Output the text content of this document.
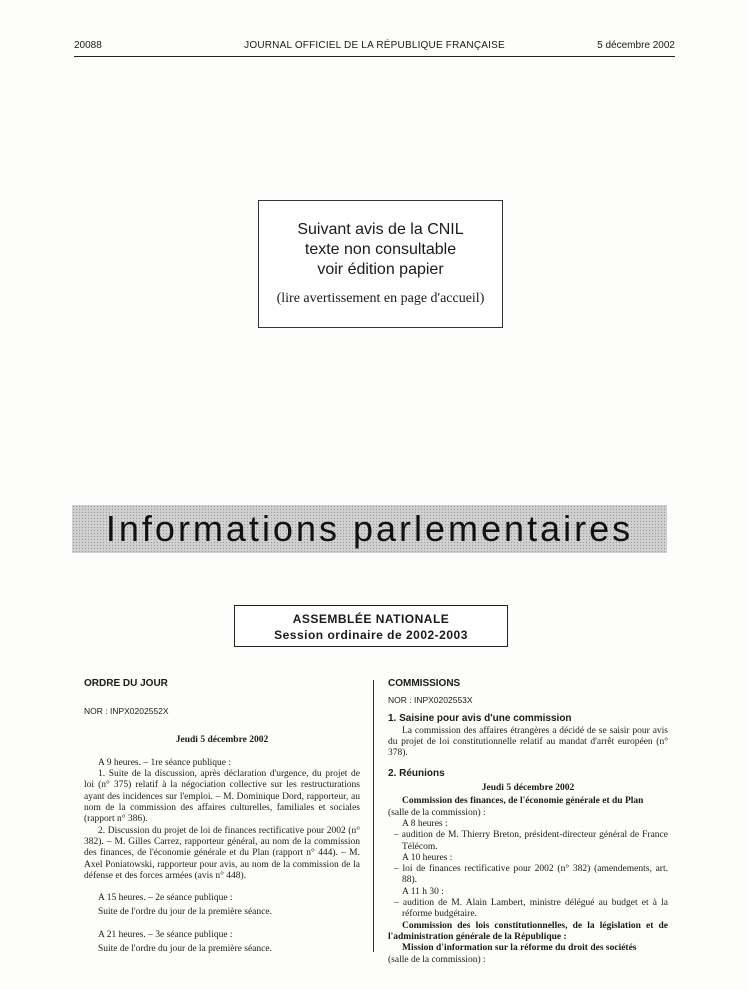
20088	JOURNAL OFFICIEL DE LA RÉPUBLIQUE FRANÇAISE	5 décembre 2002
Suivant avis de la CNIL
texte non consultable
voir édition papier
(lire avertissement en page d'accueil)
Informations parlementaires
ASSEMBLÉE NATIONALE
Session ordinaire de 2002-2003

ORDRE DU JOUR

NOR : INPX0202552X

Jeudi 5 décembre 2002

A 9 heures. – 1re séance publique :

1. Suite de la discussion, après déclaration d'urgence, du projet de loi (n° 375) relatif à la négociation collective sur les restructurations ayant des incidences sur l'emploi. – M. Dominique Dord, rapporteur, au nom de la commission des affaires culturelles, familiales et sociales (rapport n° 386).

2. Discussion du projet de loi de finances rectificative pour 2002 (n° 382). – M. Gilles Carrez, rapporteur général, au nom de la commission des finances, de l'économie générale et du Plan (rapport n° 444). – M. Axel Poniatowski, rapporteur pour avis, au nom de la commission de la défense et des forces armées (avis n° 448).

A 15 heures. – 2e séance publique :

Suite de l'ordre du jour de la première séance.

A 21 heures. – 3e séance publique :

Suite de l'ordre du jour de la première séance.

COMMISSIONS

NOR : INPX0202553X

1. Saisine pour avis d'une commission

La commission des affaires étrangères a décidé de se saisir pour avis du projet de loi constitutionnelle relatif au mandat d'arrêt européen (n° 378).

2. Réunions

Jeudi 5 décembre 2002

Commission des finances, de l'économie générale et du Plan

(salle de la commission) :

A 8 heures :

– audition de M. Thierry Breton, président-directeur général de France Télécom.

A 10 heures :

– loi de finances rectificative pour 2002 (n° 382) (amendements, art. 88).

A 11 h 30 :

– audition de M. Alain Lambert, ministre délégué au budget et à la réforme budgétaire.

Commission des lois constitutionnelles, de la législation et de l'administration générale de la République :

Mission d'information sur la réforme du droit des sociétés

(salle de la commission) :
